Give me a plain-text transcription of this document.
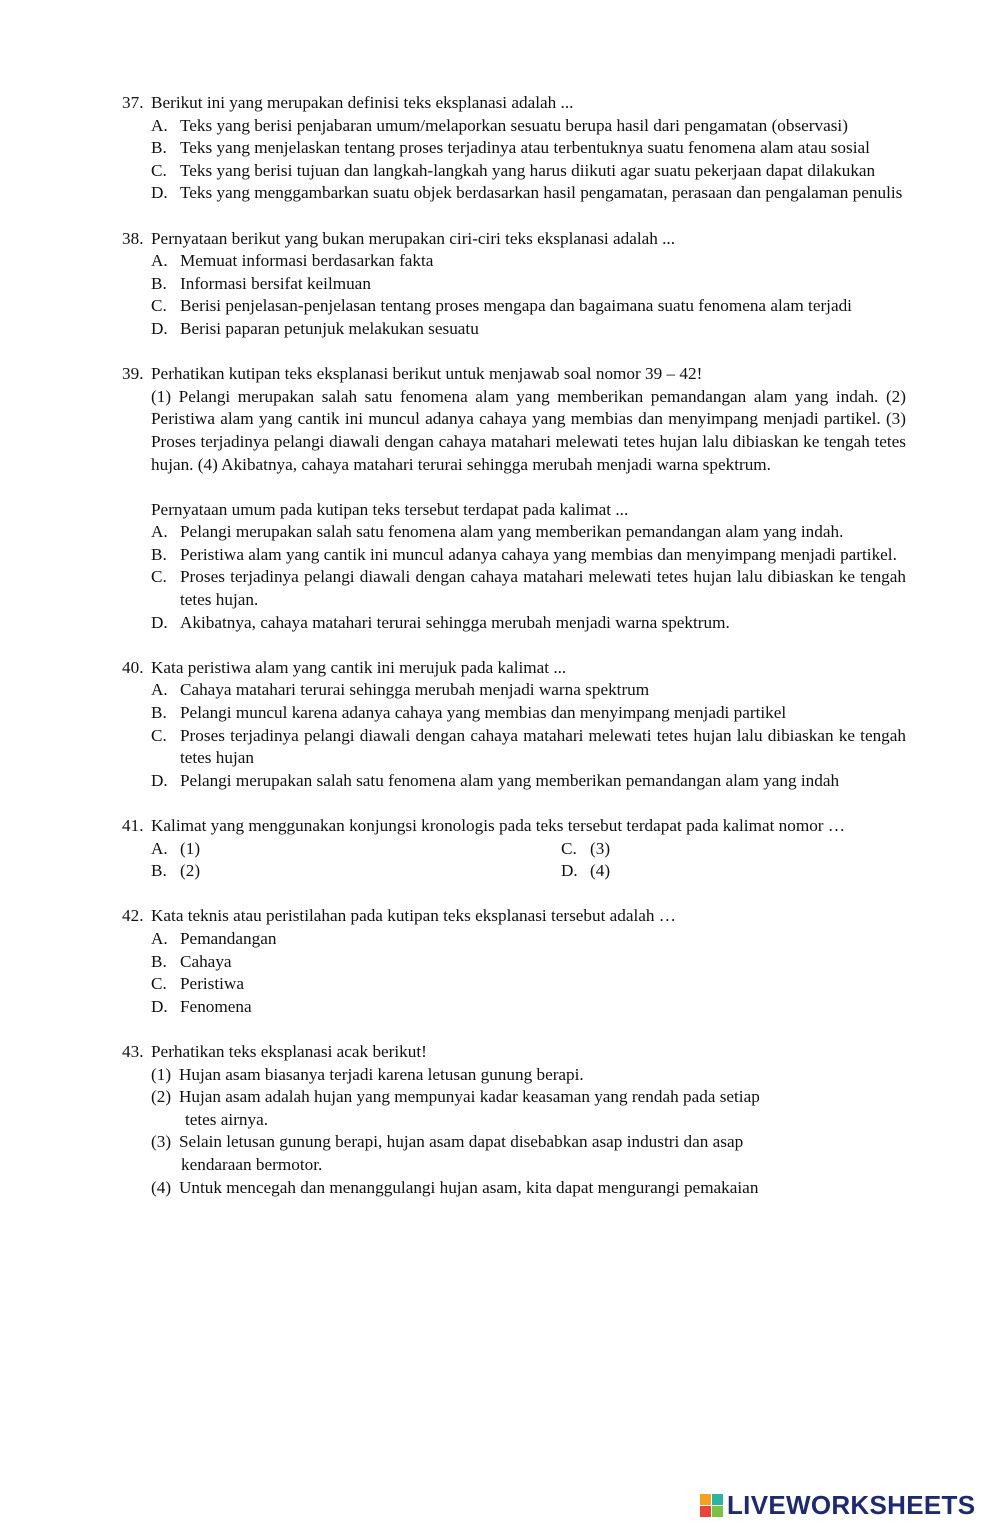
37. Berikut ini yang merupakan definisi teks eksplanasi adalah ...
A. Teks yang berisi penjabaran umum/melaporkan sesuatu berupa hasil dari pengamatan (observasi)
B. Teks yang menjelaskan tentang proses terjadinya atau terbentuknya suatu fenomena alam atau sosial
C. Teks yang berisi tujuan dan langkah-langkah yang harus diikuti agar suatu pekerjaan dapat dilakukan
D. Teks yang menggambarkan suatu objek berdasarkan hasil pengamatan, perasaan dan pengalaman penulis
38. Pernyataan berikut yang bukan merupakan ciri-ciri teks eksplanasi adalah ...
A. Memuat informasi berdasarkan fakta
B. Informasi bersifat keilmuan
C. Berisi penjelasan-penjelasan tentang proses mengapa dan bagaimana suatu fenomena alam terjadi
D. Berisi paparan petunjuk melakukan sesuatu
39. Perhatikan kutipan teks eksplanasi berikut untuk menjawab soal nomor 39 – 42!
(1) Pelangi merupakan salah satu fenomena alam yang memberikan pemandangan alam yang indah. (2) Peristiwa alam yang cantik ini muncul adanya cahaya yang membias dan menyimpang menjadi partikel. (3) Proses terjadinya pelangi diawali dengan cahaya matahari melewati tetes hujan lalu dibiaskan ke tengah tetes hujan. (4) Akibatnya, cahaya matahari terurai sehingga merubah menjadi warna spektrum.
Pernyataan umum pada kutipan teks tersebut terdapat pada kalimat ...
A. Pelangi merupakan salah satu fenomena alam yang memberikan pemandangan alam yang indah.
B. Peristiwa alam yang cantik ini muncul adanya cahaya yang membias dan menyimpang menjadi partikel.
C. Proses terjadinya pelangi diawali dengan cahaya matahari melewati tetes hujan lalu dibiaskan ke tengah tetes hujan.
D. Akibatnya, cahaya matahari terurai sehingga merubah menjadi warna spektrum.
40. Kata peristiwa alam yang cantik ini merujuk pada kalimat ...
A. Cahaya matahari terurai sehingga merubah menjadi warna spektrum
B. Pelangi muncul karena adanya cahaya yang membias dan menyimpang menjadi partikel
C. Proses terjadinya pelangi diawali dengan cahaya matahari melewati tetes hujan lalu dibiaskan ke tengah tetes hujan
D. Pelangi merupakan salah satu fenomena alam yang memberikan pemandangan alam yang indah
41. Kalimat yang menggunakan konjungsi kronologis pada teks tersebut terdapat pada kalimat nomor …
A. (1)	C. (3)
B. (2)	D. (4)
42. Kata teknis atau peristilahan pada kutipan teks eksplanasi tersebut adalah …
A. Pemandangan
B. Cahaya
C. Peristiwa
D. Fenomena
43. Perhatikan teks eksplanasi acak berikut!
(1) Hujan asam biasanya terjadi karena letusan gunung berapi.
(2) Hujan asam adalah hujan yang mempunyai kadar keasaman yang rendah pada setiap
tetes airnya.
(3) Selain letusan gunung berapi, hujan asam dapat disebabkan asap industri dan asap
kendaraan bermotor.
(4) Untuk mencegah dan menanggulangi hujan asam, kita dapat mengurangi pemakaian
LIVEWORKSHEETS
